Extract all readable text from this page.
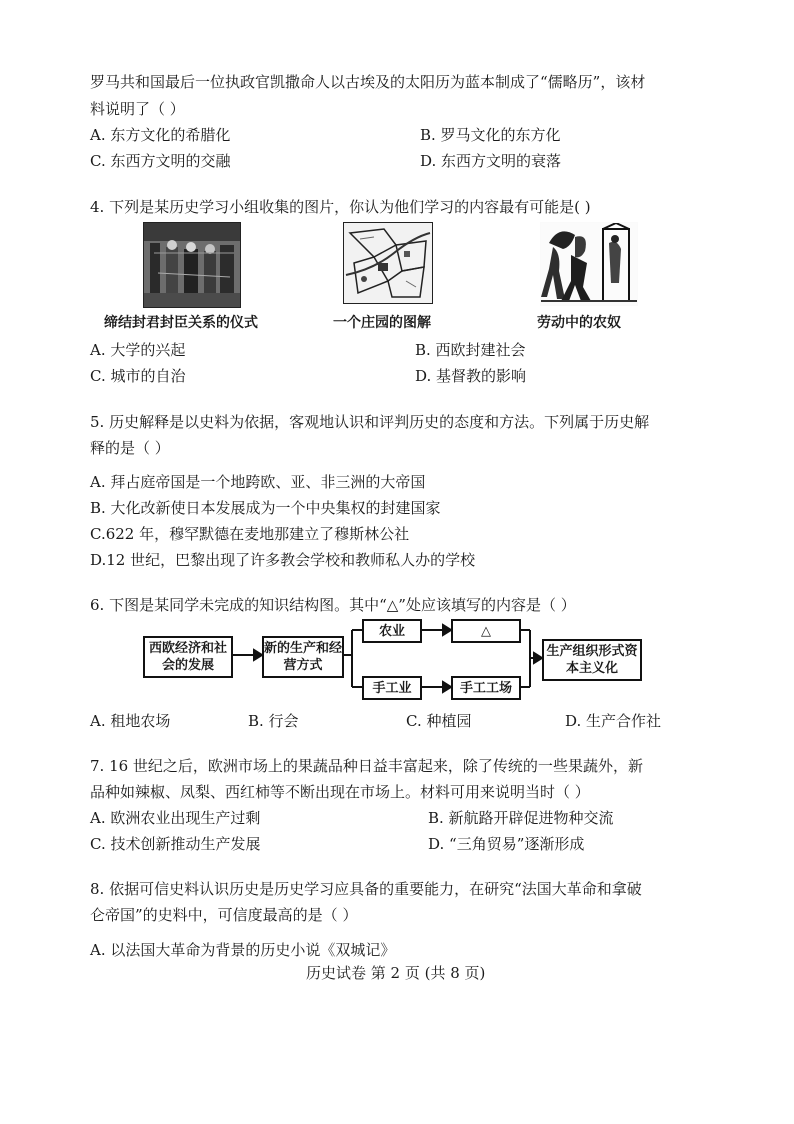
罗马共和国最后一位执政官凯撒命人以古埃及的太阳历为蓝本制成了“儒略历”，该材
料说明了（ ）
A. 东方文化的希腊化	B. 罗马文化的东方化
C. 东西方文明的交融	D. 东西方文明的衰落
4. 下列是某历史学习小组收集的图片，你认为他们学习的内容最有可能是( )
缔结封君封臣关系的仪式	一个庄园的图解	劳动中的农奴
A. 大学的兴起	B. 西欧封建社会
C. 城市的自治	D. 基督教的影响
5. 历史解释是以史料为依据，客观地认识和评判历史的态度和方法。下列属于历史解
释的是（ ）
A. 拜占庭帝国是一个地跨欧、亚、非三洲的大帝国
B. 大化改新使日本发展成为一个中央集权的封建国家
C.622 年，穆罕默德在麦地那建立了穆斯林公社
D.12 世纪，巴黎出现了许多教会学校和教师私人办的学校
6. 下图是某同学未完成的知识结构图。其中“△”处应该填写的内容是（ ）
西欧经济和社会的发展
新的生产和经营方式
农业	△
手工业	手工工场
生产组织形式资本主义化
A. 租地农场	B. 行会	C. 种植园	D. 生产合作社
7. 16 世纪之后，欧洲市场上的果蔬品种日益丰富起来，除了传统的一些果蔬外，新
品种如辣椒、凤梨、西红柿等不断出现在市场上。材料可用来说明当时（ ）
A. 欧洲农业出现生产过剩	B. 新航路开辟促进物种交流
C. 技术创新推动生产发展	D. “三角贸易”逐渐形成
8. 依据可信史料认识历史是历史学习应具备的重要能力，在研究“法国大革命和拿破
仑帝国”的史料中，可信度最高的是（ ）
A. 以法国大革命为背景的历史小说《双城记》
历史试卷 第 2 页 (共 8 页)
